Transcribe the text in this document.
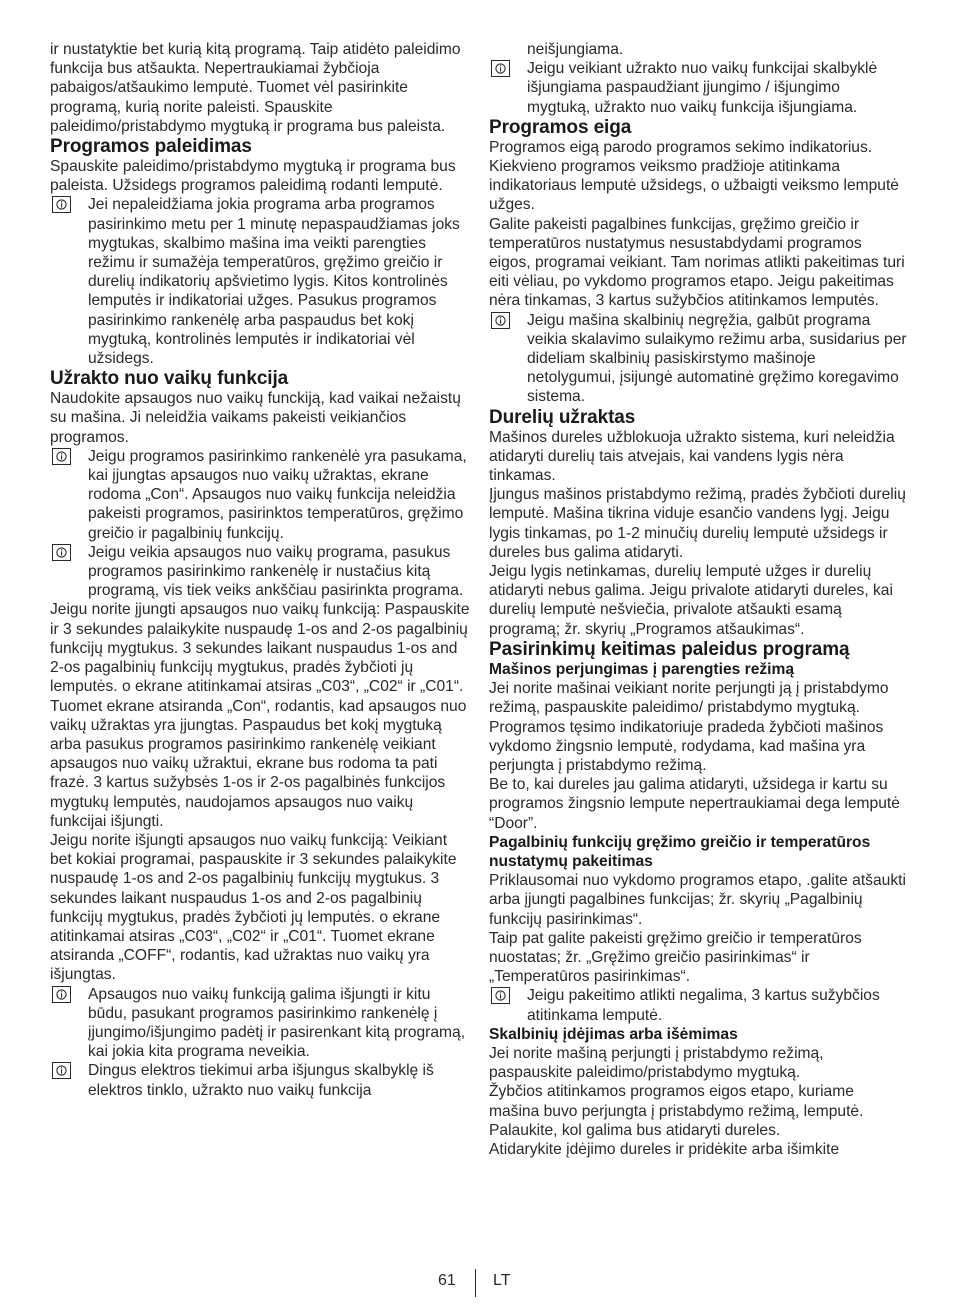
ir nustatyktie bet kurią kitą programą. Taip atidėto paleidimo funkcija bus atšaukta. Nepertraukiamai žybčioja pabaigos/atšaukimo lemputė. Tuomet vėl pasirinkite programą, kurią norite paleisti. Spauskite paleidimo/pristabdymo mygtuką ir programa bus paleista.

Programos paleidimas

Spauskite paleidimo/pristabdymo mygtuką ir programa bus paleista. Užsidegs programos paleidimą rodanti lemputė.

Jei nepaleidžiama jokia programa arba programos pasirinkimo metu per 1 minutę nepaspaudžiamas joks mygtukas, skalbimo mašina ima veikti parengties režimu ir sumažėja temperatūros, gręžimo greičio ir durelių indikatorių apšvietimo lygis. Kitos kontrolinės lemputės ir indikatoriai užges. Pasukus programos pasirinkimo rankenėlę arba paspaudus bet kokį mygtuką, kontrolinės lemputės ir indikatoriai vėl užsidegs.

Užrakto nuo vaikų funkcija

Naudokite apsaugos nuo vaikų funckiją, kad vaikai nežaistų su mašina. Ji neleidžia vaikams pakeisti veikiančios programos.

Jeigu programos pasirinkimo rankenėlė yra pasukama, kai įjungtas apsaugos nuo vaikų užraktas, ekrane rodoma „Con“. Apsaugos nuo vaikų funkcija neleidžia pakeisti programos, pasirinktos temperatūros, gręžimo greičio ir pagalbinių funkcijų.

Jeigu veikia apsaugos nuo vaikų programa, pasukus programos pasirinkimo rankenėlę ir nustačius kitą programą, vis tiek veiks ankščiau pasirinkta programa.

Jeigu norite įjungti apsaugos nuo vaikų funkciją: Paspauskite ir 3 sekundes palaikykite nuspaudę 1-os and 2-os pagalbinių funkcijų mygtukus. 3 sekundes laikant nuspaudus 1-os and 2-os pagalbinių funkcijų mygtukus, pradės žybčioti jų lemputės. o ekrane atitinkamai atsiras „C03“, „C02“ ir „C01“. Tuomet ekrane atsiranda „Con“, rodantis, kad apsaugos nuo vaikų užraktas yra įjungtas. Paspaudus bet kokį mygtuką arba pasukus programos pasirinkimo rankenėlę veikiant apsaugos nuo vaikų užraktui, ekrane bus rodoma ta pati frazė. 3 kartus sužybsės 1-os ir 2-os pagalbinės funkcijos mygtukų lemputės, naudojamos apsaugos nuo vaikų funkcijai išjungti.

Jeigu norite išjungti apsaugos nuo vaikų funkciją: Veikiant bet kokiai programai, paspauskite ir 3 sekundes palaikykite nuspaudę 1-os and 2-os pagalbinių funkcijų mygtukus. 3 sekundes laikant nuspaudus 1-os and 2-os pagalbinių funkcijų mygtukus, pradės žybčioti jų lemputės. o ekrane atitinkamai atsiras „C03“, „C02“ ir „C01“. Tuomet ekrane atsiranda „COFF“, rodantis, kad užraktas nuo vaikų yra išjungtas.

Apsaugos nuo vaikų funkciją galima išjungti ir kitu būdu, pasukant programos pasirinkimo rankenėlę į įjungimo/išjungimo padėtį ir pasirenkant kitą programą, kai jokia kita programa neveikia.

Dingus elektros tiekimui arba išjungus skalbyklę iš elektros tinklo, užrakto nuo vaikų funkcija

neišjungiama.

Jeigu veikiant užrakto nuo vaikų funkcijai skalbyklė išjungiama paspaudžiant įjungimo / išjungimo mygtuką, užrakto nuo vaikų funkcija išjungiama.

Programos eiga

Programos eigą parodo programos sekimo indikatorius. Kiekvieno programos veiksmo pradžioje atitinkama indikatoriaus lemputė užsidegs, o užbaigti veiksmo lemputė užges.

Galite pakeisti pagalbines funkcijas, gręžimo greičio ir temperatūros nustatymus nesustabdydami programos eigos, programai veikiant. Tam norimas atlikti pakeitimas turi eiti vėliau, po vykdomo programos etapo. Jeigu pakeitimas nėra tinkamas, 3 kartus sužybčios atitinkamos lemputės.

Jeigu mašina skalbinių negręžia, galbūt programa veikia skalavimo sulaikymo režimu arba, susidarius per dideliam skalbinių pasiskirstymo mašinoje netolygumui, įsijungė automatinė gręžimo koregavimo sistema.

Durelių užraktas

Mašinos dureles užblokuoja užrakto sistema, kuri neleidžia atidaryti durelių tais atvejais, kai vandens lygis nėra tinkamas.

Įjungus mašinos pristabdymo režimą, pradės žybčioti durelių lemputė. Mašina tikrina viduje esančio vandens lygį. Jeigu lygis tinkamas, po 1-2 minučių durelių lemputė užsidegs ir dureles bus galima atidaryti.

Jeigu lygis netinkamas, durelių lemputė užges ir durelių atidaryti nebus galima. Jeigu privalote atidaryti dureles, kai durelių lemputė nešviečia, privalote atšaukti esamą programą; žr. skyrių „Programos atšaukimas“.

Pasirinkimų keitimas paleidus programą
Mašinos perjungimas į parengties režimą

Jei norite mašinai veikiant norite perjungti ją į pristabdymo režimą, paspauskite paleidimo/ pristabdymo mygtuką. Programos tęsimo indikatoriuje pradeda žybčioti mašinos vykdomo žingsnio lemputė, rodydama, kad mašina yra perjungta į pristabdymo režimą.

Be to, kai dureles jau galima atidaryti, užsidega ir kartu su programos žingsnio lempute nepertraukiamai dega lemputė “Door”.

Pagalbinių funkcijų gręžimo greičio ir temperatūros nustatymų pakeitimas

Priklausomai nuo vykdomo programos etapo, .galite atšaukti arba įjungti pagalbines funkcijas; žr. skyrių „Pagalbinių funkcijų pasirinkimas“.

Taip pat galite pakeisti gręžimo greičio ir temperatūros nuostatas; žr. „Gręžimo greičio pasirinkimas“ ir „Temperatūros pasirinkimas“.

Jeigu pakeitimo atlikti negalima, 3 kartus sužybčios atitinkama lemputė.

Skalbinių įdėjimas arba išėmimas

Jei norite mašiną perjungti į pristabdymo režimą, paspauskite paleidimo/pristabdymo mygtuką.

Žybčios atitinkamos programos eigos etapo, kuriame mašina buvo perjungta į pristabdymo režimą, lemputė. Palaukite, kol galima bus atidaryti dureles.

Atidarykite įdėjimo dureles ir pridėkite arba išimkite

61 LT
